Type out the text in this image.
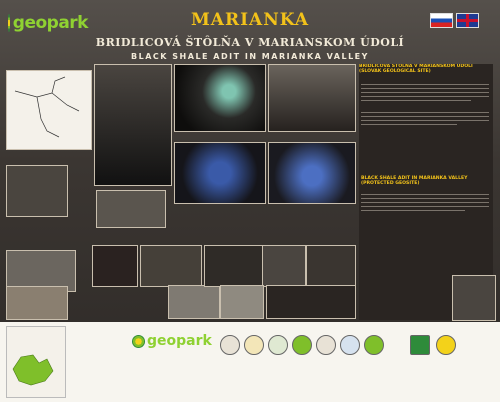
geopark	MARIANKA
BRIDLICOVÁ ŠTÔLŇA V MARIANSKOM ÚDOLÍ
BLACK SHALE ADIT IN MARIANKA VALLEY
BRIDLICOVÁ ŠTÔLŇA V MARIANSKOM ÚDOLÍ (SLOVAK GEOLOGICAL SITE)

BLACK SHALE ADIT IN MARIANKA VALLEY (PROTECTED GEOSITE)
geopark
